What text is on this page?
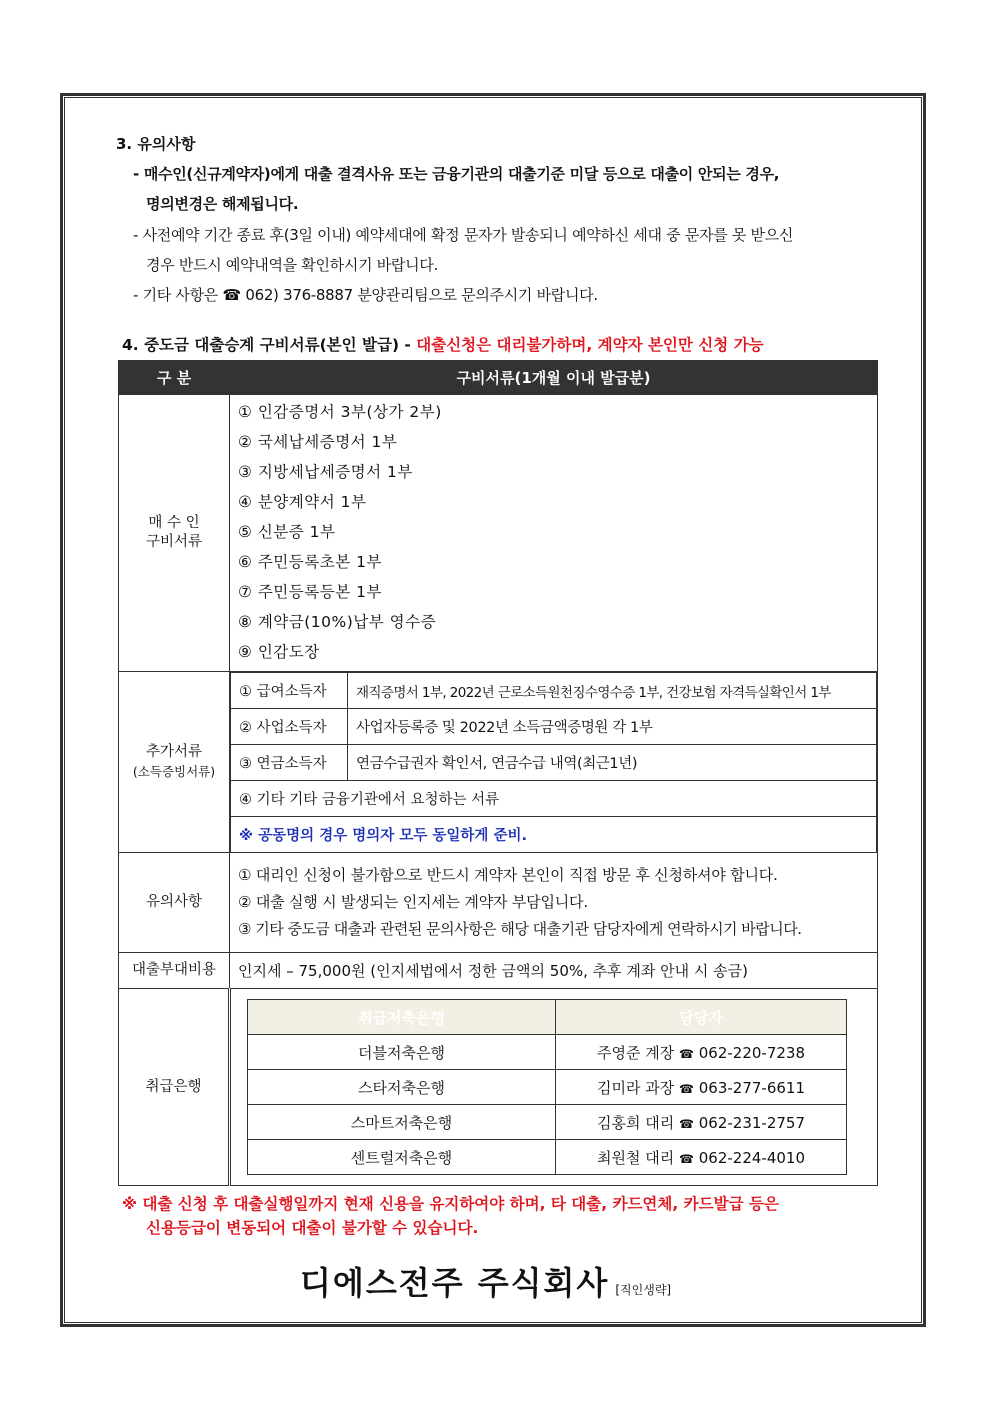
3. 유의사항
- 매수인(신규계약자)에게 대출 결격사유 또는 금융기관의 대출기준 미달 등으로 대출이 안되는 경우,
명의변경은 해제됩니다.
- 사전예약 기간 종료 후(3일 이내) 예약세대에 확정 문자가 발송되니 예약하신 세대 중 문자를 못 받으신
경우 반드시 예약내역을 확인하시기 바랍니다.
- 기타 사항은 ☎ 062) 376-8887 분양관리팀으로 문의주시기 바랍니다.
4. 중도금 대출승계 구비서류(본인 발급) - 대출신청은 대리불가하며, 계약자 본인만 신청 가능
구 분	구비서류(1개월 이내 발급분)

매 수 인
구비서류

① 인감증명서 3부(상가 2부)
② 국세납세증명서 1부
③ 지방세납세증명서 1부
④ 분양계약서 1부
⑤ 신분증 1부
⑥ 주민등록초본 1부
⑦ 주민등록등본 1부
⑧ 계약금(10%)납부 영수증
⑨ 인감도장

추가서류
(소득증빙서류)

① 급여소득자	재직증명서 1부, 2022년 근로소득원천징수영수증 1부, 건강보험 자격득실확인서 1부
② 사업소득자	사업자등록증 및 2022년 소득금액증명원 각 1부
③ 연금소득자	연금수급권자 확인서, 연금수급 내역(최근1년)
④ 기타 기타 금융기관에서 요청하는 서류
※ 공동명의 경우 명의자 모두 동일하게 준비.

유의사항	
① 대리인 신청이 불가함으로 반드시 계약자 본인이 직접 방문 후 신청하셔야 합니다.
② 대출 실행 시 발생되는 인지세는 계약자 부담입니다.
③ 기타 중도금 대출과 관련된 문의사항은 해당 대출기관 담당자에게 연락하시기 바랍니다.

대출부대비용	인지세 – 75,000원 (인지세법에서 정한 금액의 50%, 추후 계좌 안내 시 송금)
취급은행	
취급저축은행	담당자
더블저축은행	주영준 계장 ☎ 062-220-7238
스타저축은행	김미라 과장 ☎ 063-277-6611
스마트저축은행	김홍희 대리 ☎ 062-231-2757
센트럴저축은행	최원철 대리 ☎ 062-224-4010
※ 대출 신청 후 대출실행일까지 현재 신용을 유지하여야 하며, 타 대출, 카드연체, 카드발급 등은
신용등급이 변동되어 대출이 불가할 수 있습니다.
디에스전주 주식회사 [직인생략]
